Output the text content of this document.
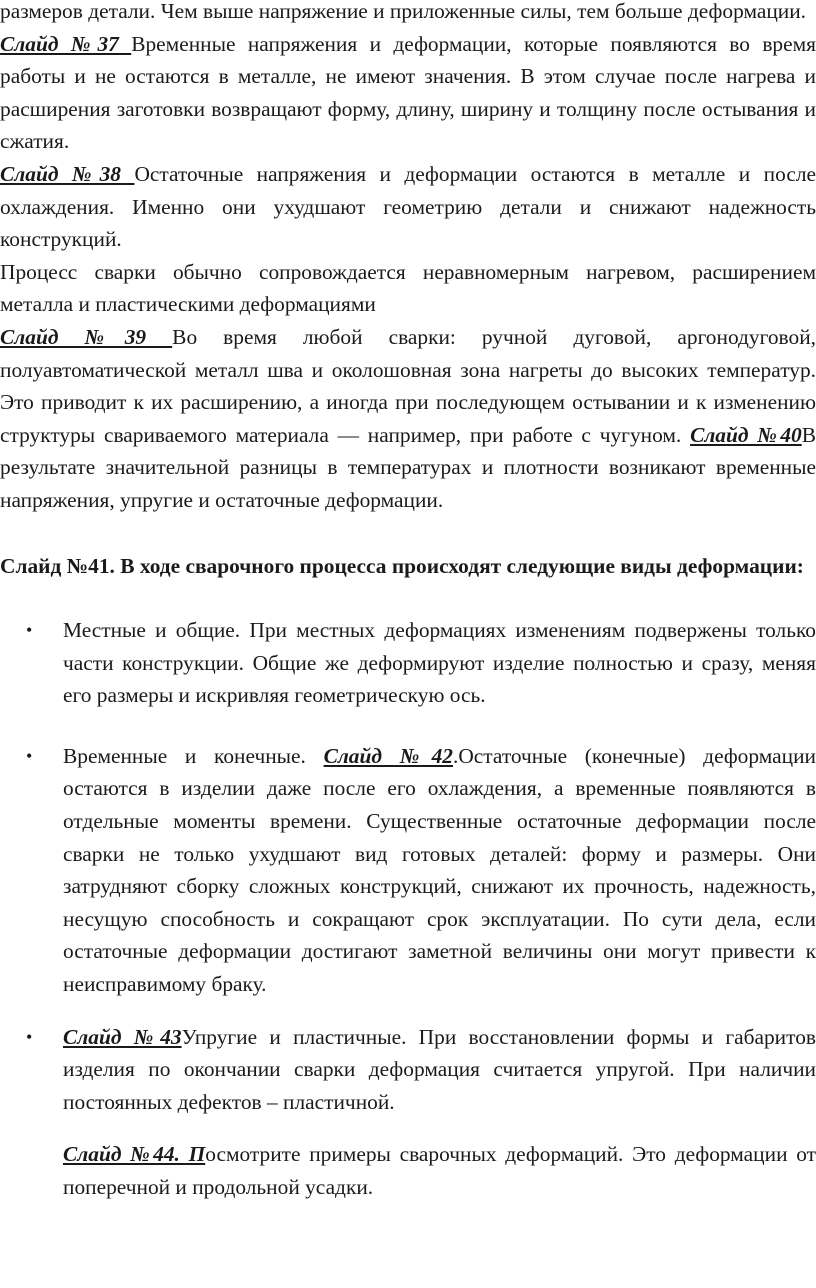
размеров детали. Чем выше напряжение и приложенные силы, тем больше деформации.

Слайд №37 Временные напряжения и деформации, которые появляются во время работы и не остаются в металле, не имеют значения. В этом случае после нагрева и расширения заготовки возвращают форму, длину, ширину и толщину после остывания и сжатия.

Слайд №38 Остаточные напряжения и деформации остаются в металле и после охлаждения. Именно они ухудшают геометрию детали и снижают надежность конструкций.

Процесс сварки обычно сопровождается неравномерным нагревом, расширением металла и пластическими деформациями

Слайд №39 Во время любой сварки: ручной дуговой, аргонодуговой, полуавтоматической металл шва и околошовная зона нагреты до высоких температур. Это приводит к их расширению, а иногда при последующем остывании и к изменению структуры свариваемого материала — например, при работе с чугуном. Слайд №40В результате значительной разницы в температурах и плотности возникают временные напряжения, упругие и остаточные деформации.

Слайд №41. В ходе сварочного процесса происходят следующие виды деформации:

• Местные и общие. При местных деформациях изменениям подвержены только части конструкции. Общие же деформируют изделие полностью и сразу, меняя его размеры и искривляя геометрическую ось.

• Временные и конечные. Слайд №42.Остаточные (конечные) деформации остаются в изделии даже после его охлаждения, а временные появляются в отдельные моменты времени. Существенные остаточные деформации после сварки не только ухудшают вид готовых деталей: форму и размеры. Они затрудняют сборку сложных конструкций, снижают их прочность, надежность, несущую способность и сокращают срок эксплуатации. По сути дела, если остаточные деформации достигают заметной величины они могут привести к неисправимому браку.

• Слайд №43Упругие и пластичные. При восстановлении формы и габаритов изделия по окончании сварки деформация считается упругой. При наличии постоянных дефектов – пластичной.

Слайд №44. Посмотрите примеры сварочных деформаций. Это деформации от поперечной и продольной усадки.
